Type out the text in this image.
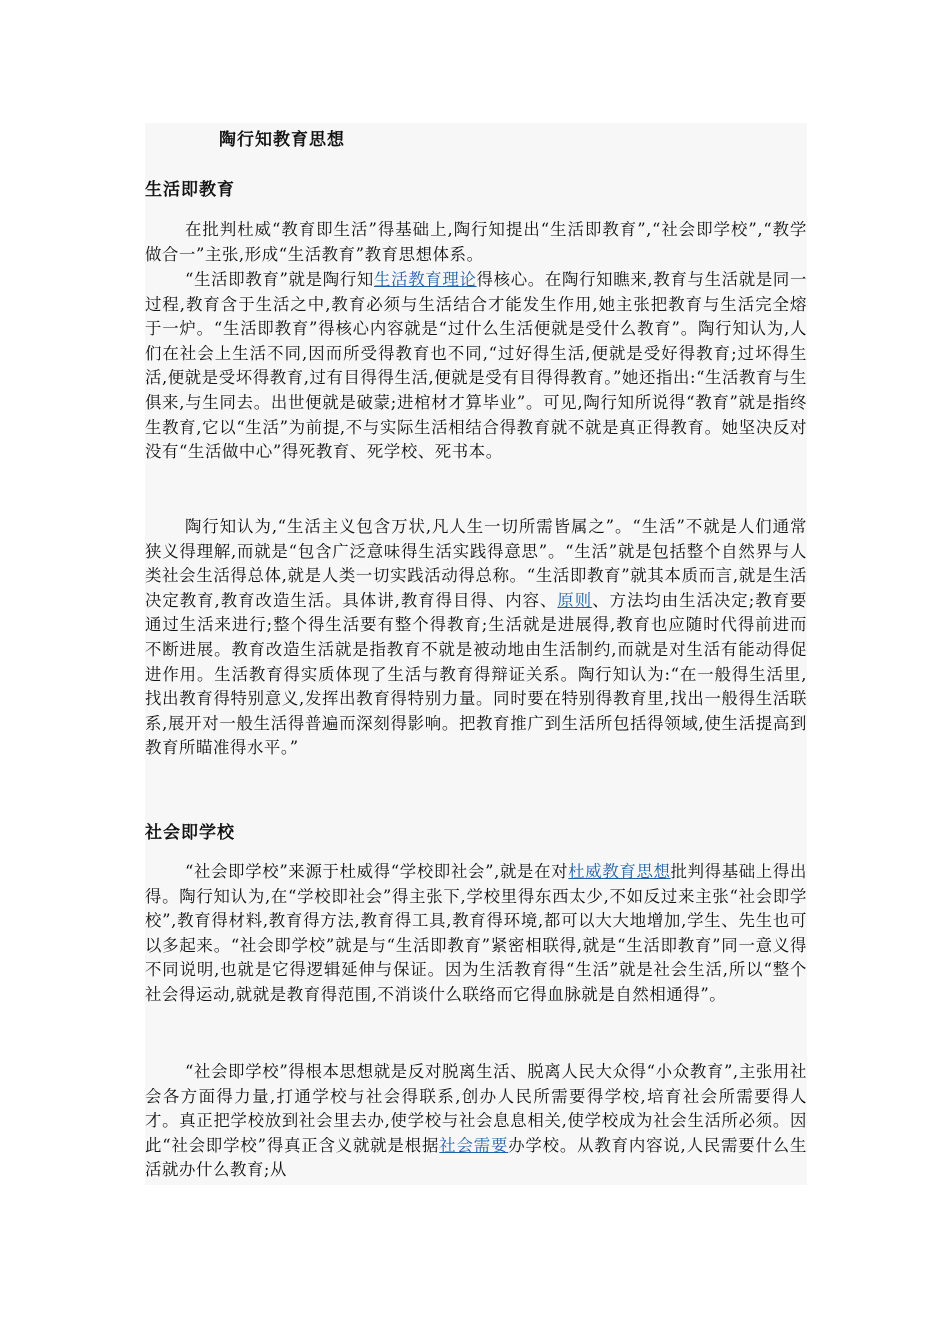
陶行知教育思想
生活即教育

在批判杜威“教育即生活”得基础上,陶行知提出“生活即教育”,“社会即学校”,“教学做合一”主张,形成“生活教育”教育思想体系。

“生活即教育”就是陶行知生活教育理论得核心。在陶行知瞧来,教育与生活就是同一过程,教育含于生活之中,教育必须与生活结合才能发生作用,她主张把教育与生活完全熔于一炉。“生活即教育”得核心内容就是“过什么生活便就是受什么教育”。陶行知认为,人们在社会上生活不同,因而所受得教育也不同,“过好得生活,便就是受好得教育;过坏得生活,便就是受坏得教育,过有目得得生活,便就是受有目得得教育。”她还指出:“生活教育与生俱来,与生同去。出世便就是破蒙;进棺材才算毕业”。可见,陶行知所说得“教育”就是指终生教育,它以“生活”为前提,不与实际生活相结合得教育就不就是真正得教育。她坚决反对没有“生活做中心”得死教育、死学校、死书本。

陶行知认为,“生活主义包含万状,凡人生一切所需皆属之”。“生活”不就是人们通常狭义得理解,而就是“包含广泛意味得生活实践得意思”。“生活”就是包括整个自然界与人类社会生活得总体,就是人类一切实践活动得总称。“生活即教育”就其本质而言,就是生活决定教育,教育改造生活。具体讲,教育得目得、内容、原则、方法均由生活决定;教育要通过生活来进行;整个得生活要有整个得教育;生活就是进展得,教育也应随时代得前进而不断进展。教育改造生活就是指教育不就是被动地由生活制约,而就是对生活有能动得促进作用。生活教育得实质体现了生活与教育得辩证关系。陶行知认为:“在一般得生活里,找出教育得特别意义,发挥出教育得特别力量。同时要在特别得教育里,找出一般得生活联系,展开对一般生活得普遍而深刻得影响。把教育推广到生活所包括得领域,使生活提高到教育所瞄准得水平。”

社会即学校

“社会即学校”来源于杜威得“学校即社会”,就是在对杜威教育思想批判得基础上得出得。陶行知认为,在“学校即社会”得主张下,学校里得东西太少,不如反过来主张“社会即学校”,教育得材料,教育得方法,教育得工具,教育得环境,都可以大大地增加,学生、先生也可以多起来。“社会即学校”就是与“生活即教育”紧密相联得,就是“生活即教育”同一意义得不同说明,也就是它得逻辑延伸与保证。因为生活教育得“生活”就是社会生活,所以“整个社会得运动,就就是教育得范围,不消谈什么联络而它得血脉就是自然相通得”。

“社会即学校”得根本思想就是反对脱离生活、脱离人民大众得“小众教育”,主张用社会各方面得力量,打通学校与社会得联系,创办人民所需要得学校,培育社会所需要得人才。真正把学校放到社会里去办,使学校与社会息息相关,使学校成为社会生活所必须。因此“社会即学校”得真正含义就就是根据社会需要办学校。从教育内容说,人民需要什么生活就办什么教育;从
